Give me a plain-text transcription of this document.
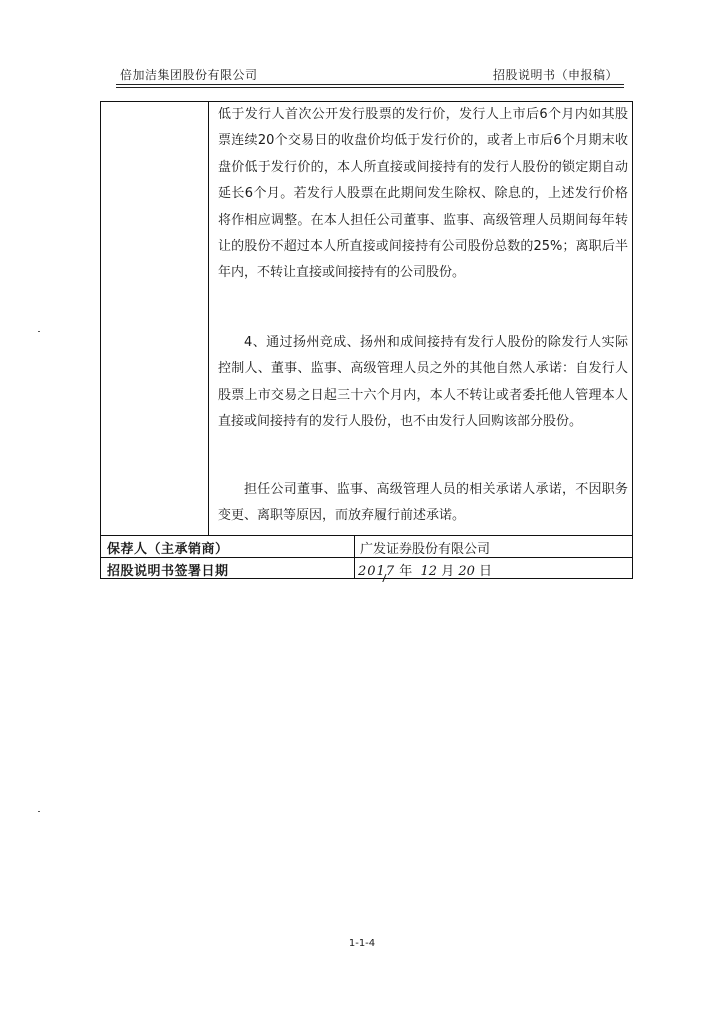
倍加洁集团股份有限公司	招股说明书（申报稿）
低于发行人首次公开发行股票的发行价，发行人上市后6个月内如其股票连续20个交易日的收盘价均低于发行价的，或者上市后6个月期末收盘价低于发行价的，本人所直接或间接持有的发行人股份的锁定期自动延长6个月。若发行人股票在此期间发生除权、除息的，上述发行价格将作相应调整。在本人担任公司董事、监事、高级管理人员期间每年转让的股份不超过本人所直接或间接持有公司股份总数的25%；离职后半年内，不转让直接或间接持有的公司股份。
4、通过扬州竞成、扬州和成间接持有发行人股份的除发行人实际控制人、董事、监事、高级管理人员之外的其他自然人承诺：自发行人股票上市交易之日起三十六个月内，本人不转让或者委托他人管理本人直接或间接持有的发行人股份，也不由发行人回购该部分股份。
担任公司董事、监事、高级管理人员的相关承诺人承诺，不因职务变更、离职等原因，而放弃履行前述承诺。
保荐人（主承销商）	广发证券股份有限公司
招股说明书签署日期	2017 年 12 月 20 日
1-1-4
